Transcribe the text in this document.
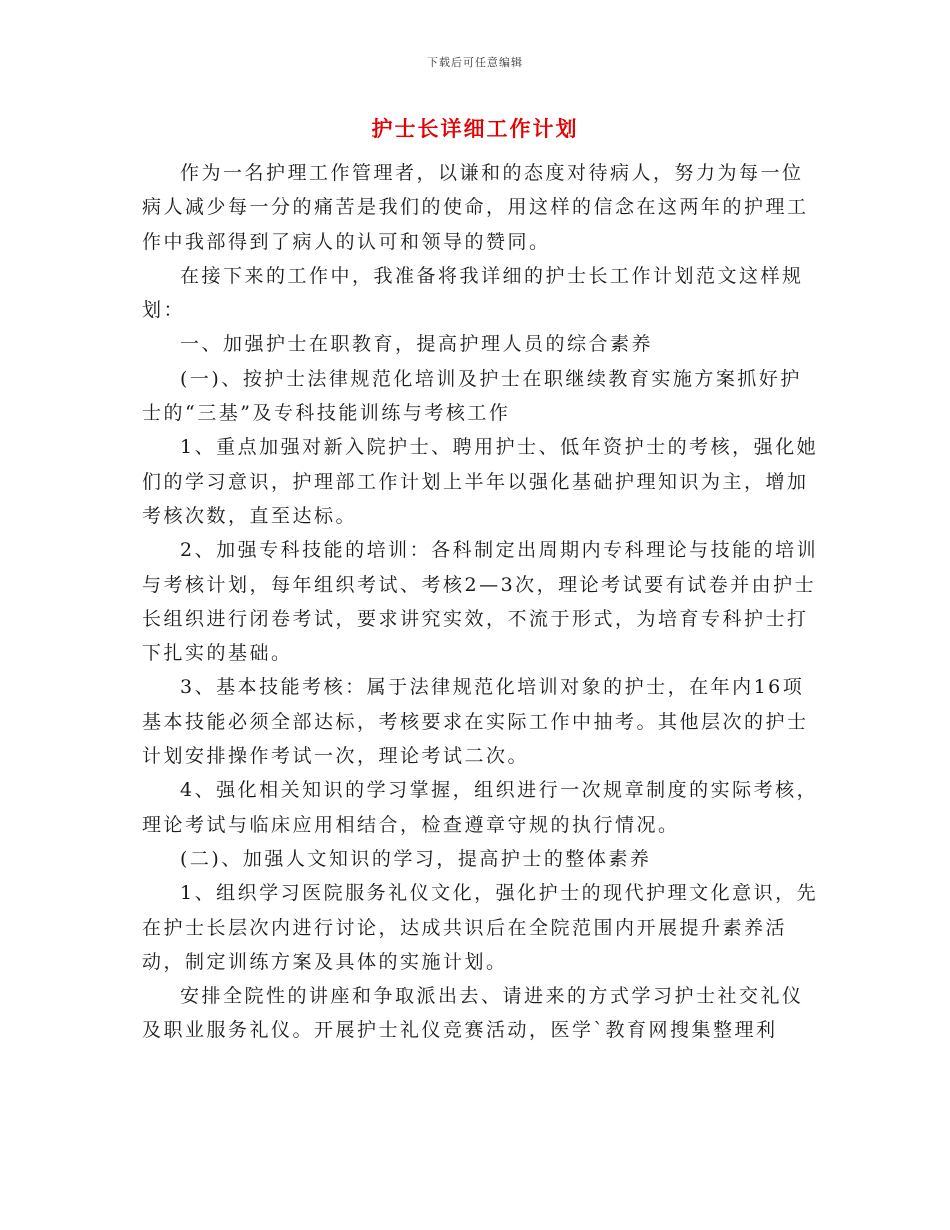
下载后可任意编辑
护士长详细工作计划

作为一名护理工作管理者，以谦和的态度对待病人，努力为每一位病人减少每一分的痛苦是我们的使命，用这样的信念在这两年的护理工作中我部得到了病人的认可和领导的赞同。

在接下来的工作中，我准备将我详细的护士长工作计划范文这样规划：

一、加强护士在职教育，提高护理人员的综合素养

(一)、按护士法律规范化培训及护士在职继续教育实施方案抓好护士的“三基”及专科技能训练与考核工作

1、重点加强对新入院护士、聘用护士、低年资护士的考核，强化她们的学习意识，护理部工作计划上半年以强化基础护理知识为主，增加考核次数，直至达标。

2、加强专科技能的培训：各科制定出周期内专科理论与技能的培训与考核计划，每年组织考试、考核2—3次，理论考试要有试卷并由护士长组织进行闭卷考试，要求讲究实效，不流于形式，为培育专科护士打下扎实的基础。

3、基本技能考核：属于法律规范化培训对象的护士，在年内16项基本技能必须全部达标，考核要求在实际工作中抽考。其他层次的护士计划安排操作考试一次，理论考试二次。

4、强化相关知识的学习掌握，组织进行一次规章制度的实际考核，理论考试与临床应用相结合，检查遵章守规的执行情况。

(二)、加强人文知识的学习，提高护士的整体素养

1、组织学习医院服务礼仪文化，强化护士的现代护理文化意识，先在护士长层次内进行讨论，达成共识后在全院范围内开展提升素养活动，制定训练方案及具体的实施计划。

安排全院性的讲座和争取派出去、请进来的方式学习护士社交礼仪及职业服务礼仪。开展护士礼仪竞赛活动，医学`教育网搜集整理利
